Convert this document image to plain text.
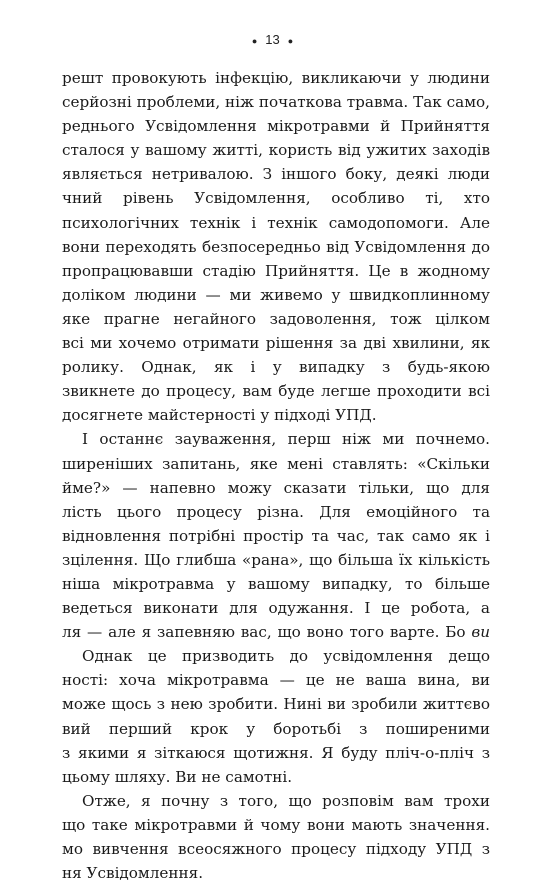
● 13 ●
решт провокують інфекцію, викликаючи у людини
серйозні проблеми, ніж початкова травма. Так само,
реднього Усвідомлення мікротравми й Прийняття
сталося у вашому житті, користь від ужитих заходів
являється нетривалою. З іншого боку, деякі люди
чний рівень Усвідомлення, особливо ті, хто
психологічних технік і технік самодопомоги. Але
вони переходять безпосередньо від Усвідомлення до
пропрацювавши стадію Прийняття. Це в жодному
доліком людини — ми живемо у швидкоплинному
яке прагне негайного задоволення, тож цілком
всі ми хочемо отримати рішення за дві хвилини, як
ролику. Однак, як і у випадку з будь-якою
звикнете до процесу, вам буде легше проходити всі
досягнете майстерності у підході УПД.
І останнє зауваження, перш ніж ми почнемо.
ширеніших запитань, яке мені ставлять: «Скільки
йме?» — напевно можу сказати тільки, що для
лість цього процесу різна. Для емоційного та
відновлення потрібні простір та час, так само як і
зцілення. Що глибша «рана», що більша їх кількість
ніша мікротравма у вашому випадку, то більше
ведеться виконати для одужання. І це робота, а
ля — але я запевняю вас, що воно того варте. Бо ви
Однак це призводить до усвідомлення дещо
ності: хоча мікротравма — це не ваша вина, ви
може щось з нею зробити. Нині ви зробили життєво
вий перший крок у боротьбі з поширеними
з якими я зіткаюся щотижня. Я буду пліч-о-пліч з
цьому шляху. Ви не самотні.
Отже, я почну з того, що розповім вам трохи
що таке мікротравми й чому вони мають значення.
мо вивчення всеосяжного процесу підходу УПД з
ня Усвідомлення.
